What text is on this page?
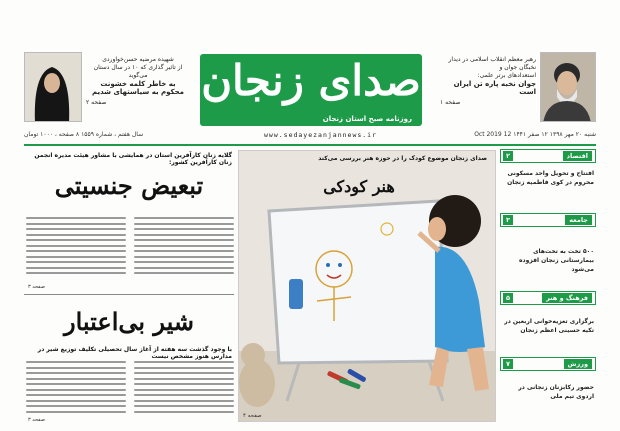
رهبر معظم انقلاب اسلامی در دیدار نخبگان جوان و
استعدادهای برتر علمی:
جوان نخبه پاره تن ایران است
صفحه ۱
شهیده مرضیه حسن‌خواوردی
از تاثیر گذاری که ۱۰ در سال دستان می‌گوید
به خاطر کلمه خشونت
محکوم به سیاستهای شدیم
صفحه ۲	صدای زنجان
روزنامه صبح استان زنجان
شنبه ۲۰ مهر ۱۳۹۸ ۱۲ صفر ۱۴۴۱ 12 Oct 2019
www.sedayezanjannews.ir
سال هفتم ، شماره ۱۵۵۹ ۸ صفحه ، ۱۰۰۰ تومان
۲	اقتصاد
افتتاح و تحویل واحد مسکونی محروم در کوی فاطمیه زنجان
۳	جامعه
۵۰۰ تخت به تخت‌های بیمارستانی زنجان افزوده می‌شود
۵	فرهنگ و هنر
برگزاری تعزیه‌خوانی اربعین در تکیه حسینی اعظم زنجان
۷	ورزش
حضور رکابزنان زنجانی در اردوی تیم ملی
صدای زنجان موضوع کودک را در حوزه هنر بررسی می‌کند
هنر کودکی
صفحه ۴
گلایه زنان کارآفرین استان در همایشی با مشاور هیئت مدیره انجمن زنان کارآفرین کشور:
تبعیض جنسیتی
صفحه ۳
شیر بی‌اعتبار
با وجود گذشت سه هفته از آغاز سال تحصیلی تکلیف توزیع شیر در مدارس هنوز مشخص نیست
صفحه ۳
